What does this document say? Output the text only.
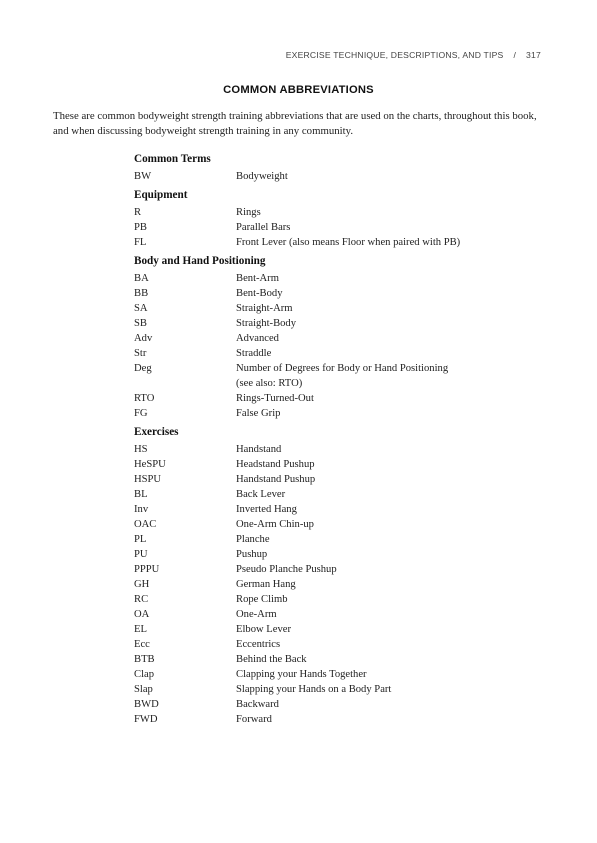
EXERCISE TECHNIQUE, DESCRIPTIONS, AND TIPS / 317
COMMON ABBREVIATIONS
These are common bodyweight strength training abbreviations that are used on the charts, throughout this book, and when discussing bodyweight strength training in any community.
Common Terms
BW	Bodyweight
Equipment
R	Rings
PB	Parallel Bars
FL	Front Lever (also means Floor when paired with PB)
Body and Hand Positioning
BA	Bent-Arm
BB	Bent-Body
SA	Straight-Arm
SB	Straight-Body
Adv	Advanced
Str	Straddle
Deg	Number of Degrees for Body or Hand Positioning
(see also: RTO)
RTO	Rings-Turned-Out
FG	False Grip
Exercises
HS	Handstand
HeSPU	Headstand Pushup
HSPU	Handstand Pushup
BL	Back Lever
Inv	Inverted Hang
OAC	One-Arm Chin-up
PL	Planche
PU	Pushup
PPPU	Pseudo Planche Pushup
GH	German Hang
RC	Rope Climb
OA	One-Arm
EL	Elbow Lever
Ecc	Eccentrics
BTB	Behind the Back
Clap	Clapping your Hands Together
Slap	Slapping your Hands on a Body Part
BWD	Backward
FWD	Forward
